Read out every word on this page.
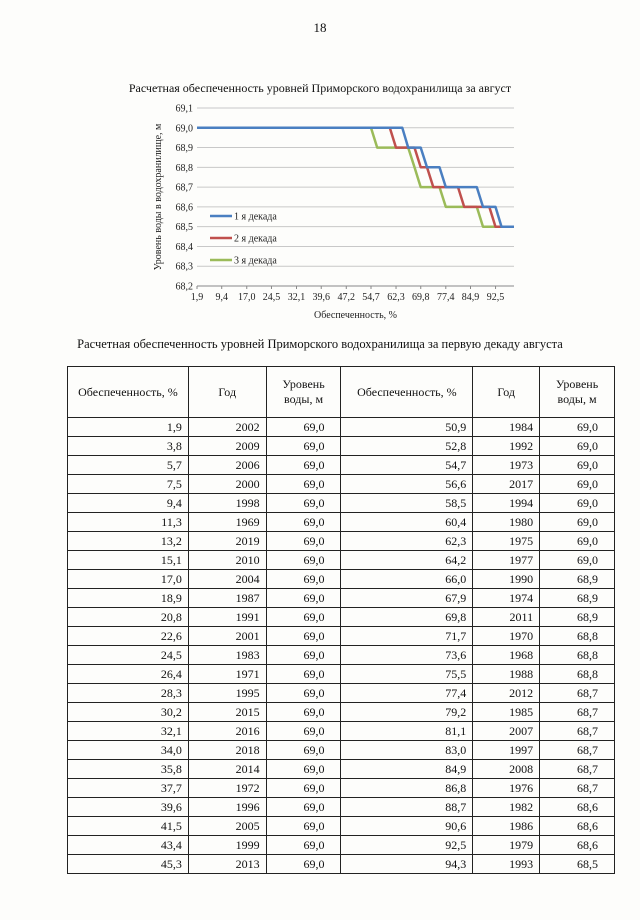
18
Расчетная обеспеченность уровней Приморского водохранилища за август
68,2
68,3
68,4
68,5
68,6
68,7
68,8
68,9
69,0
69,1
1,9 9,4 17,0 24,5 32,1 39,6 47,2 54,7 62,3 69,8 77,4 84,9 92,5
Обеспеченность, %
Уровень воды в водохранилище, м	1 я декада
2 я декада
3 я декада
Расчетная обеспеченность уровней Приморского водохранилища за первую декаду августа
Обеспеченность, %	Год	Уровень воды, м	Обеспеченность, %	Год	Уровень воды, м
1,9	2002	69,0	50,9	1984	69,0
3,8	2009	69,0	52,8	1992	69,0
5,7	2006	69,0	54,7	1973	69,0
7,5	2000	69,0	56,6	2017	69,0
9,4	1998	69,0	58,5	1994	69,0
11,3	1969	69,0	60,4	1980	69,0
13,2	2019	69,0	62,3	1975	69,0
15,1	2010	69,0	64,2	1977	69,0
17,0	2004	69,0	66,0	1990	68,9
18,9	1987	69,0	67,9	1974	68,9
20,8	1991	69,0	69,8	2011	68,9
22,6	2001	69,0	71,7	1970	68,8
24,5	1983	69,0	73,6	1968	68,8
26,4	1971	69,0	75,5	1988	68,8
28,3	1995	69,0	77,4	2012	68,7
30,2	2015	69,0	79,2	1985	68,7
32,1	2016	69,0	81,1	2007	68,7
34,0	2018	69,0	83,0	1997	68,7
35,8	2014	69,0	84,9	2008	68,7
37,7	1972	69,0	86,8	1976	68,7
39,6	1996	69,0	88,7	1982	68,6
41,5	2005	69,0	90,6	1986	68,6
43,4	1999	69,0	92,5	1979	68,6
45,3	2013	69,0	94,3	1993	68,5
